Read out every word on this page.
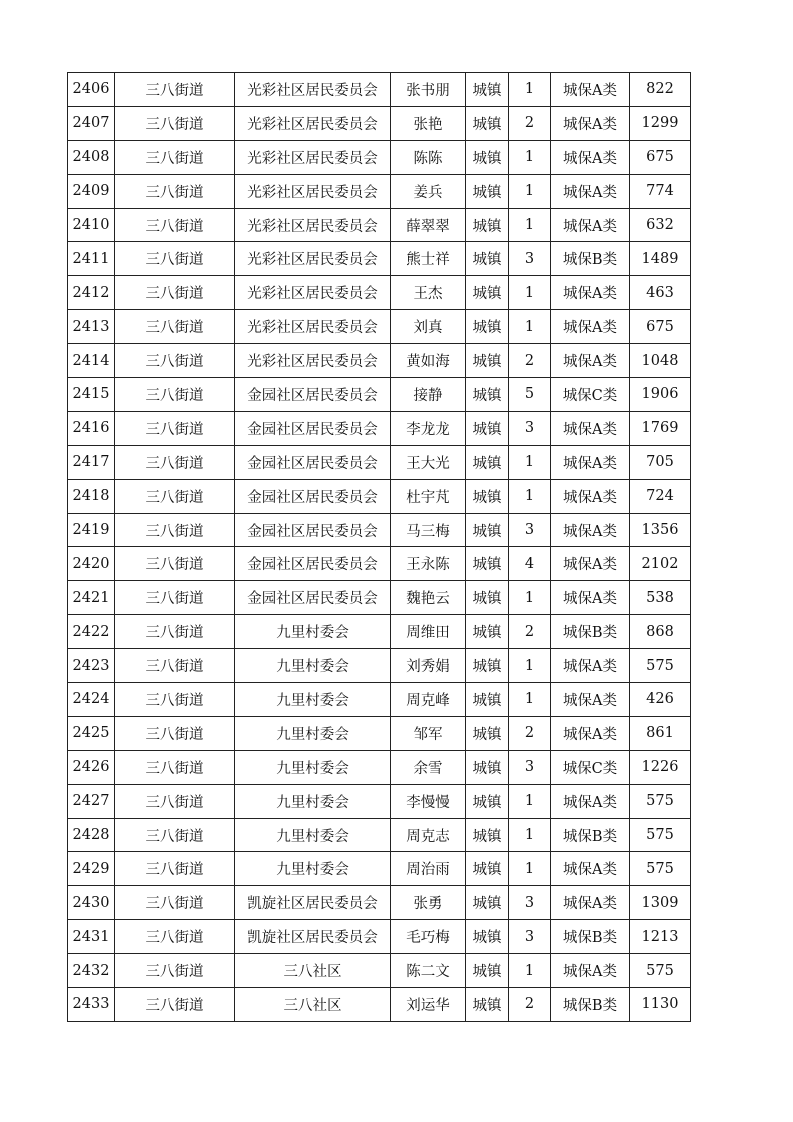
2406	三八街道	光彩社区居民委员会	张书朋	城镇	1	城保A类	822
2407	三八街道	光彩社区居民委员会	张艳	城镇	2	城保A类	1299
2408	三八街道	光彩社区居民委员会	陈陈	城镇	1	城保A类	675
2409	三八街道	光彩社区居民委员会	姜兵	城镇	1	城保A类	774
2410	三八街道	光彩社区居民委员会	薛翠翠	城镇	1	城保A类	632
2411	三八街道	光彩社区居民委员会	熊士祥	城镇	3	城保B类	1489
2412	三八街道	光彩社区居民委员会	王杰	城镇	1	城保A类	463
2413	三八街道	光彩社区居民委员会	刘真	城镇	1	城保A类	675
2414	三八街道	光彩社区居民委员会	黄如海	城镇	2	城保A类	1048
2415	三八街道	金园社区居民委员会	接静	城镇	5	城保C类	1906
2416	三八街道	金园社区居民委员会	李龙龙	城镇	3	城保A类	1769
2417	三八街道	金园社区居民委员会	王大光	城镇	1	城保A类	705
2418	三八街道	金园社区居民委员会	杜宇芃	城镇	1	城保A类	724
2419	三八街道	金园社区居民委员会	马三梅	城镇	3	城保A类	1356
2420	三八街道	金园社区居民委员会	王永陈	城镇	4	城保A类	2102
2421	三八街道	金园社区居民委员会	魏艳云	城镇	1	城保A类	538
2422	三八街道	九里村委会	周维田	城镇	2	城保B类	868
2423	三八街道	九里村委会	刘秀娟	城镇	1	城保A类	575
2424	三八街道	九里村委会	周克峰	城镇	1	城保A类	426
2425	三八街道	九里村委会	邹军	城镇	2	城保A类	861
2426	三八街道	九里村委会	余雪	城镇	3	城保C类	1226
2427	三八街道	九里村委会	李慢慢	城镇	1	城保A类	575
2428	三八街道	九里村委会	周克志	城镇	1	城保B类	575
2429	三八街道	九里村委会	周治雨	城镇	1	城保A类	575
2430	三八街道	凯旋社区居民委员会	张勇	城镇	3	城保A类	1309
2431	三八街道	凯旋社区居民委员会	毛巧梅	城镇	3	城保B类	1213
2432	三八街道	三八社区	陈二文	城镇	1	城保A类	575
2433	三八街道	三八社区	刘运华	城镇	2	城保B类	1130
